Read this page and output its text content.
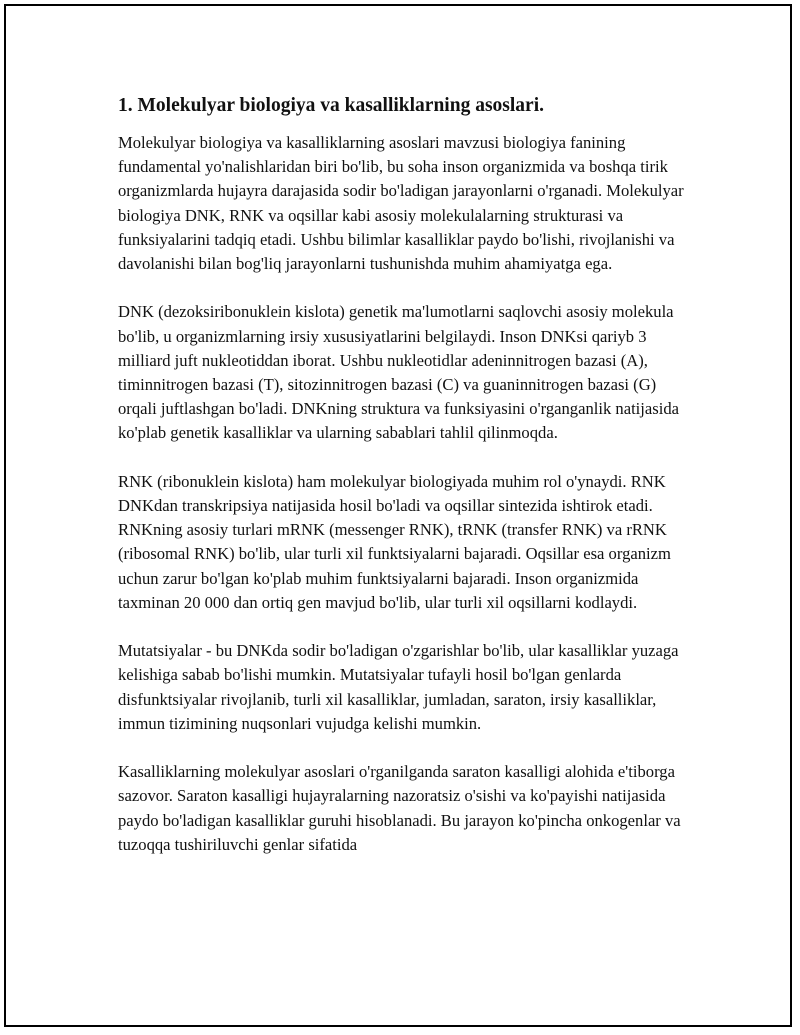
1. Molekulyar biologiya va kasalliklarning asoslari.

Molekulyar biologiya va kasalliklarning asoslari mavzusi biologiya fanining fundamental yo'nalishlaridan biri bo'lib, bu soha inson organizmida va boshqa tirik organizmlarda hujayra darajasida sodir bo'ladigan jarayonlarni o'rganadi. Molekulyar biologiya DNK, RNK va oqsillar kabi asosiy molekulalarning strukturasi va funksiyalarini tadqiq etadi. Ushbu bilimlar kasalliklar paydo bo'lishi, rivojlanishi va davolanishi bilan bog'liq jarayonlarni tushunishda muhim ahamiyatga ega.

DNK (dezoksiribonuklein kislota) genetik ma'lumotlarni saqlovchi asosiy molekula bo'lib, u organizmlarning irsiy xususiyatlarini belgilaydi. Inson DNKsi qariyb 3 milliard juft nukleotiddan iborat. Ushbu nukleotidlar adeninnitrogen bazasi (A), timinnitrogen bazasi (T), sitozinnitrogen bazasi (C) va guaninnitrogen bazasi (G) orqali juftlashgan bo'ladi. DNKning struktura va funksiyasini o'rganganlik natijasida ko'plab genetik kasalliklar va ularning sabablari tahlil qilinmoqda.

RNK (ribonuklein kislota) ham molekulyar biologiyada muhim rol o'ynaydi. RNK DNKdan transkripsiya natijasida hosil bo'ladi va oqsillar sintezida ishtirok etadi. RNKning asosiy turlari mRNK (messenger RNK), tRNK (transfer RNK) va rRNK (ribosomal RNK) bo'lib, ular turli xil funktsiyalarni bajaradi. Oqsillar esa organizm uchun zarur bo'lgan ko'plab muhim funktsiyalarni bajaradi. Inson organizmida taxminan 20 000 dan ortiq gen mavjud bo'lib, ular turli xil oqsillarni kodlaydi.

Mutatsiyalar - bu DNKda sodir bo'ladigan o'zgarishlar bo'lib, ular kasalliklar yuzaga kelishiga sabab bo'lishi mumkin. Mutatsiyalar tufayli hosil bo'lgan genlarda disfunktsiyalar rivojlanib, turli xil kasalliklar, jumladan, saraton, irsiy kasalliklar, immun tizimining nuqsonlari vujudga kelishi mumkin.

Kasalliklarning molekulyar asoslari o'rganilganda saraton kasalligi alohida e'tiborga sazovor. Saraton kasalligi hujayralarning nazoratsiz o'sishi va ko'payishi natijasida paydo bo'ladigan kasalliklar guruhi hisoblanadi. Bu jarayon ko'pincha onkogenlar va tuzoqqa tushiriluvchi genlar sifatida
